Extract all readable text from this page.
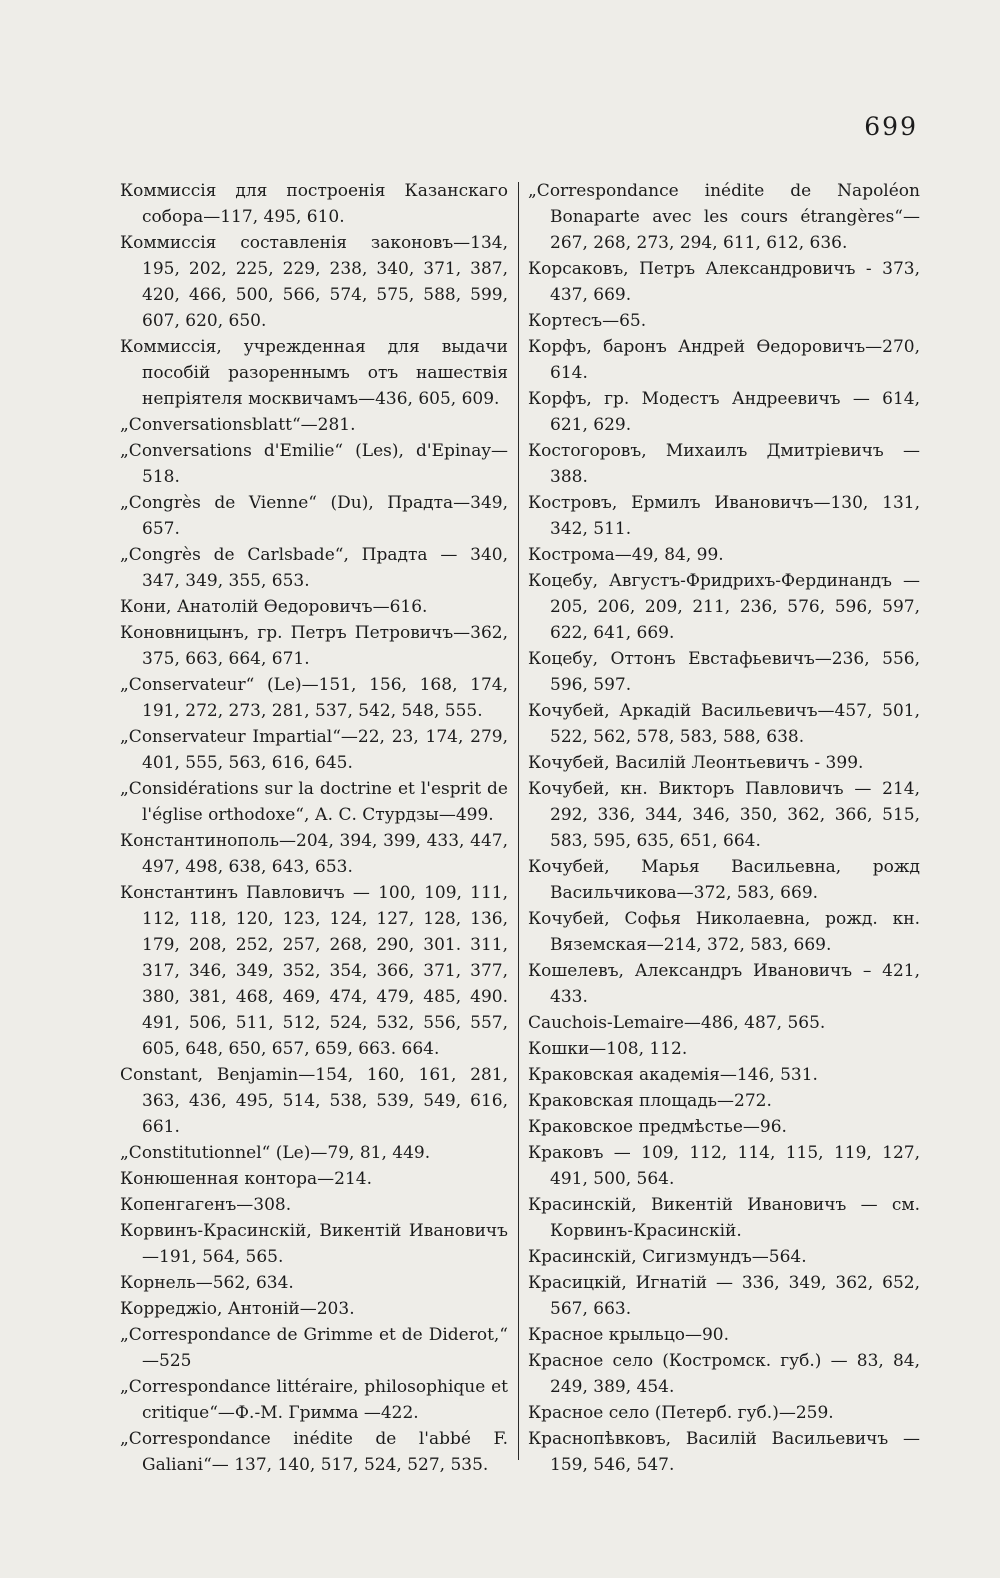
699

Коммиссія для построенія Казанскаго собора—117, 495, 610.

Коммиссія составленія законовъ—134, 195, 202, 225, 229, 238, 340, 371, 387, 420, 466, 500, 566, 574, 575, 588, 599, 607, 620, 650.

Коммиссія, учрежденная для выдачи пособій разореннымъ отъ нашествія непріятеля москвичамъ—436, 605, 609.

„Conversationsblatt“—281.

„Conversations d'Emilie“ (Les), d'Epinay—518.

„Congrès de Vienne“ (Du), Прадта—349, 657.

„Congrès de Carlsbade“, Прадта — 340, 347, 349, 355, 653.

Кони, Анатолій Өедоровичъ—616.

Коновницынъ, гр. Петръ Петровичъ—362, 375, 663, 664, 671.

„Conservateur“ (Le)—151, 156, 168, 174, 191, 272, 273, 281, 537, 542, 548, 555.

„Conservateur Impartial“—22, 23, 174, 279, 401, 555, 563, 616, 645.

„Considérations sur la doctrine et l'esprit de l'église orthodoxe“, А. С. Стурдзы—499.

Константинополь—204, 394, 399, 433, 447, 497, 498, 638, 643, 653.

Константинъ Павловичъ — 100, 109, 111, 112, 118, 120, 123, 124, 127, 128, 136, 179, 208, 252, 257, 268, 290, 301. 311, 317, 346, 349, 352, 354, 366, 371, 377, 380, 381, 468, 469, 474, 479, 485, 490. 491, 506, 511, 512, 524, 532, 556, 557, 605, 648, 650, 657, 659, 663. 664.

Constant, Benjamin—154, 160, 161, 281, 363, 436, 495, 514, 538, 539, 549, 616, 661.

„Constitutionnel“ (Le)—79, 81, 449.

Конюшенная контора—214.

Копенгагенъ—308.

Корвинъ-Красинскій, Викентій Ивановичъ—191, 564, 565.

Корнель—562, 634.

Корреджіо, Антоній—203.

„Correspondance de Grimme et de Diderot,“ —525

„Correspondance littéraire, philosophique et critique“—Ф.-М. Гримма —422.

„Correspondance inédite de l'abbé F. Galiani“— 137, 140, 517, 524, 527, 535.

„Correspondance inédite de Napoléon Bonaparte avec les cours étrangères“—267, 268, 273, 294, 611, 612, 636.

Корсаковъ, Петръ Александровичъ - 373, 437, 669.

Кортесъ—65.

Корфъ, баронъ Андрей Өедоровичъ—270, 614.

Корфъ, гр. Модестъ Андреевичъ — 614, 621, 629.

Костогоровъ, Михаилъ Дмитріевичъ — 388.

Костровъ, Ермилъ Ивановичъ—130, 131, 342, 511.

Кострома—49, 84, 99.

Коцебу, Августъ-Фридрихъ-Фердинандъ — 205, 206, 209, 211, 236, 576, 596, 597, 622, 641, 669.

Коцебу, Оттонъ Евстафьевичъ—236, 556, 596, 597.

Кочубей, Аркадій Васильевичъ—457, 501, 522, 562, 578, 583, 588, 638.

Кочубей, Василій Леонтьевичъ - 399.

Кочубей, кн. Викторъ Павловичъ — 214, 292, 336, 344, 346, 350, 362, 366, 515, 583, 595, 635, 651, 664.

Кочубей, Марья Васильевна, рожд Васильчикова—372, 583, 669.

Кочубей, Софья Николаевна, рожд. кн. Вяземская—214, 372, 583, 669.

Кошелевъ, Александръ Ивановичъ – 421, 433.

Cauchois-Lemaire—486, 487, 565.

Кошки—108, 112.

Краковская академія—146, 531.

Краковская площадь—272.

Краковское предмѣстье—96.

Краковъ — 109, 112, 114, 115, 119, 127, 491, 500, 564.

Красинскій, Викентій Ивановичъ — см. Корвинъ-Красинскій.

Красинскій, Сигизмундъ—564.

Красицкій, Игнатій — 336, 349, 362, 652, 567, 663.

Красное крыльцо—90.

Красное село (Костромск. губ.) — 83, 84, 249, 389, 454.

Красное село (Петерб. губ.)—259.

Краснопѣвковъ, Василій Васильевичъ — 159, 546, 547.
